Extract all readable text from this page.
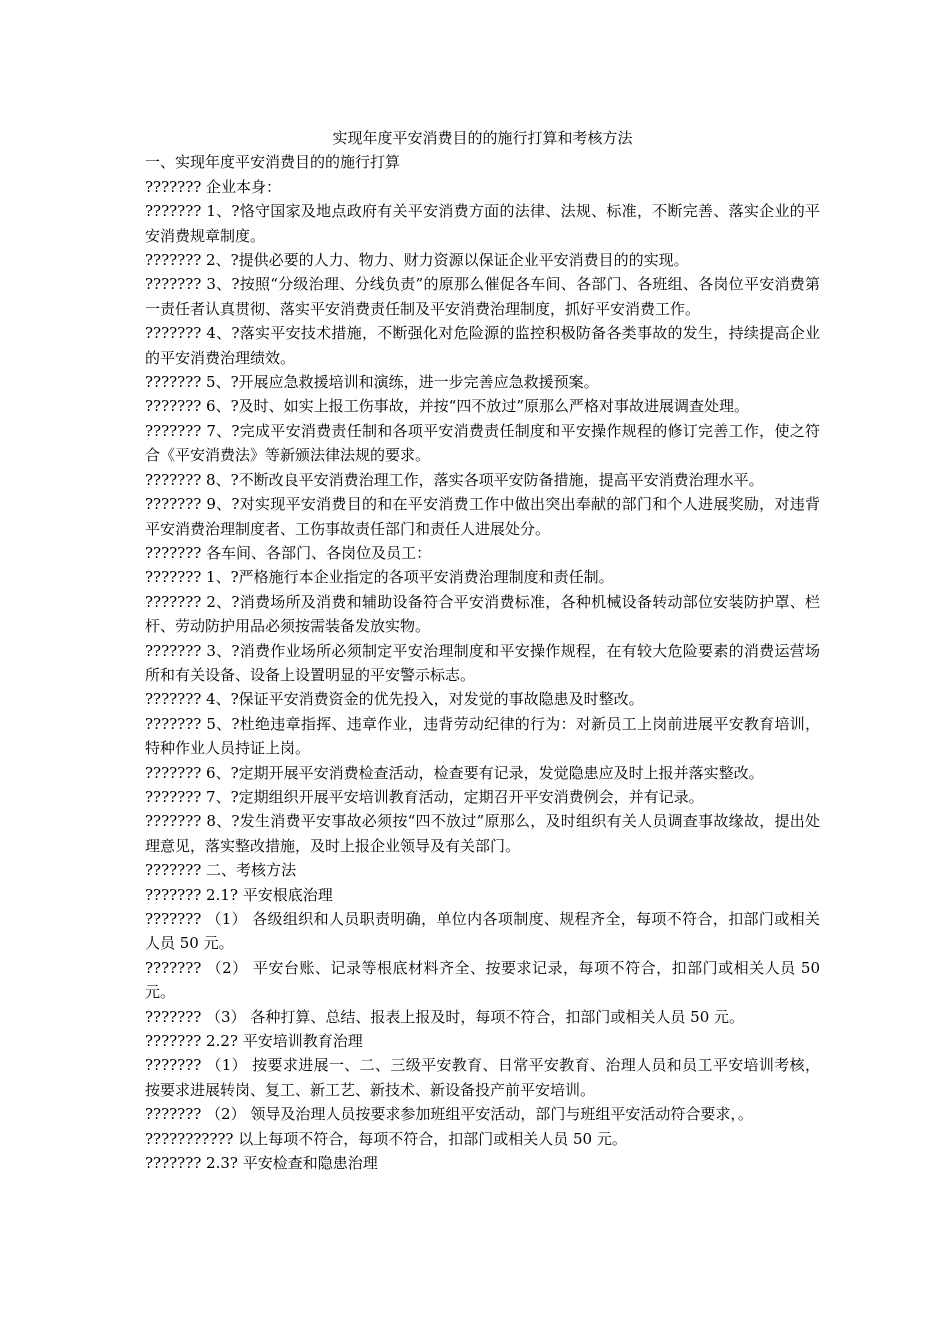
实现年度平安消费目的的施行打算和考核方法

一、实现年度平安消费目的的施行打算

??????? 企业本身：

??????? 1、?恪守国家及地点政府有关平安消费方面的法律、法规、标准，不断完善、落实企业的平安消费规章制度。

??????? 2、?提供必要的人力、物力、财力资源以保证企业平安消费目的的实现。

??????? 3、?按照“分级治理、分线负责”的原那么催促各车间、各部门、各班组、各岗位平安消费第一责任者认真贯彻、落实平安消费责任制及平安消费治理制度，抓好平安消费工作。

??????? 4、?落实平安技术措施，不断强化对危险源的监控积极防备各类事故的发生，持续提高企业的平安消费治理绩效。

??????? 5、?开展应急救援培训和演练，进一步完善应急救援预案。

??????? 6、?及时、如实上报工伤事故，并按“四不放过”原那么严格对事故进展调查处理。

??????? 7、?完成平安消费责任制和各项平安消费责任制度和平安操作规程的修订完善工作，使之符合《平安消费法》等新颁法律法规的要求。

??????? 8、?不断改良平安消费治理工作，落实各项平安防备措施，提高平安消费治理水平。

??????? 9、?对实现平安消费目的和在平安消费工作中做出突出奉献的部门和个人进展奖励，对违背平安消费治理制度者、工伤事故责任部门和责任人进展处分。

??????? 各车间、各部门、各岗位及员工：

??????? 1、?严格施行本企业指定的各项平安消费治理制度和责任制。

??????? 2、?消费场所及消费和辅助设备符合平安消费标准，各种机械设备转动部位安装防护罩、栏杆、劳动防护用品必须按需装备发放实物。

??????? 3、?消费作业场所必须制定平安治理制度和平安操作规程，在有较大危险要素的消费运营场所和有关设备、设备上设置明显的平安警示标志。

??????? 4、?保证平安消费资金的优先投入，对发觉的事故隐患及时整改。

??????? 5、?杜绝违章指挥、违章作业，违背劳动纪律的行为：对新员工上岗前进展平安教育培训，特种作业人员持证上岗。

??????? 6、?定期开展平安消费检查活动，检查要有记录，发觉隐患应及时上报并落实整改。

??????? 7、?定期组织开展平安培训教育活动，定期召开平安消费例会，并有记录。

??????? 8、?发生消费平安事故必须按“四不放过”原那么，及时组织有关人员调查事故缘故，提出处理意见，落实整改措施，及时上报企业领导及有关部门。

??????? 二、考核方法

??????? 2.1? 平安根底治理

??????? （1） 各级组织和人员职责明确，单位内各项制度、规程齐全，每项不符合，扣部门或相关人员 50 元。

??????? （2） 平安台账、记录等根底材料齐全、按要求记录，每项不符合，扣部门或相关人员 50 元。

??????? （3） 各种打算、总结、报表上报及时，每项不符合，扣部门或相关人员 50 元。

??????? 2.2? 平安培训教育治理

??????? （1） 按要求进展一、二、三级平安教育、日常平安教育、治理人员和员工平安培训考核，按要求进展转岗、复工、新工艺、新技术、新设备投产前平安培训。

??????? （2） 领导及治理人员按要求参加班组平安活动，部门与班组平安活动符合要求，。

??????????? 以上每项不符合，每项不符合，扣部门或相关人员 50 元。

??????? 2.3? 平安检查和隐患治理
